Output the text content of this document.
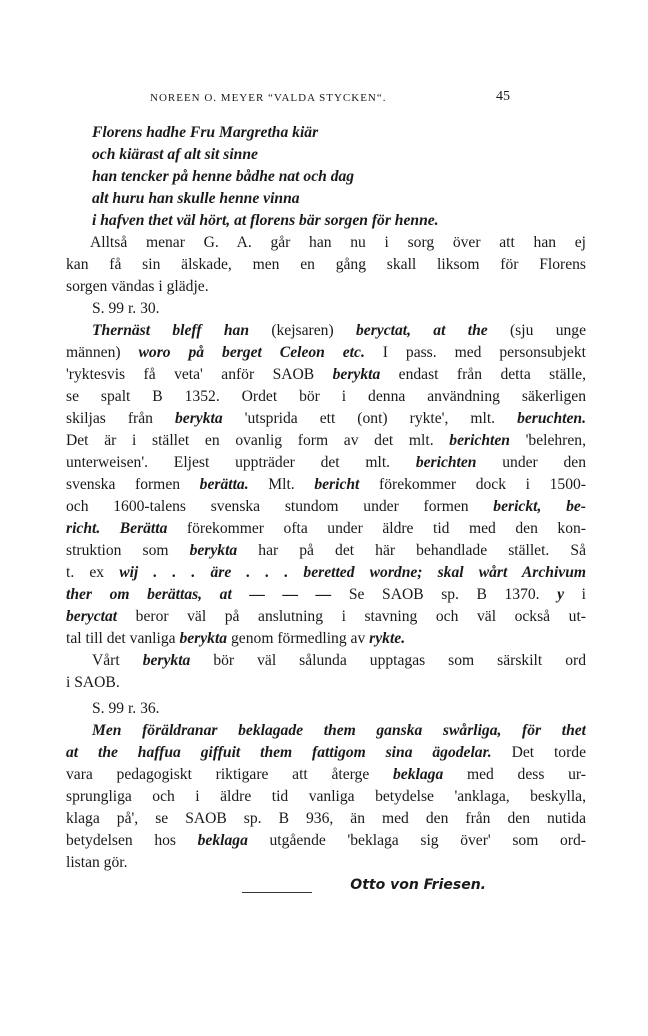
NOREEN O. MEYER “VALDA STYCKEN“.	45
Florens hadhe Fru Margretha kiär
och kiärast af alt sit sinne
han tencker på henne bådhe nat och dag
alt huru han skulle henne vinna
i hafven thet väl hört, at florens bär sorgen för henne.
Alltså menar G. A. går han nu i sorg över att han ej
kan få sin älskade, men en gång skall liksom för Florens
sorgen vändas i glädje.
S. 99 r. 30.
Thernäst bleff han (kejsaren) beryctat, at the (sju unge
männen) woro på berget Celeon etc. I pass. med personsubjekt
'ryktesvis få veta' anför SAOB berykta endast från detta ställe,
se spalt B 1352. Ordet bör i denna användning säkerligen
skiljas från berykta 'utsprida ett (ont) rykte', mlt. beruchten.
Det är i stället en ovanlig form av det mlt. berichten 'belehren,
unterweisen'. Eljest uppträder det mlt. berichten under den
svenska formen berätta. Mlt. bericht förekommer dock i 1500-
och 1600-talens svenska stundom under formen berickt, be-
richt. Berätta förekommer ofta under äldre tid med den kon-
struktion som berykta har på det här behandlade stället. Så
t. ex wij . . . äre . . . beretted wordne; skal wårt Archivum
ther om berättas, at — — — Se SAOB sp. B 1370. y i
beryctat beror väl på anslutning i stavning och väl också ut-
tal till det vanliga berykta genom förmedling av rykte.
Vårt berykta bör väl sålunda upptagas som särskilt ord
i SAOB.
S. 99 r. 36.
Men föräldranar beklagade them ganska swårliga, för thet
at the haffua giffuit them fattigom sina ägodelar. Det torde
vara pedagogiskt riktigare att återge beklaga med dess ur-
sprungliga och i äldre tid vanliga betydelse 'anklaga, beskylla,
klaga på', se SAOB sp. B 936, än med den från den nutida
betydelsen hos beklaga utgående 'beklaga sig över' som ord-
listan gör.
Otto von Friesen.
